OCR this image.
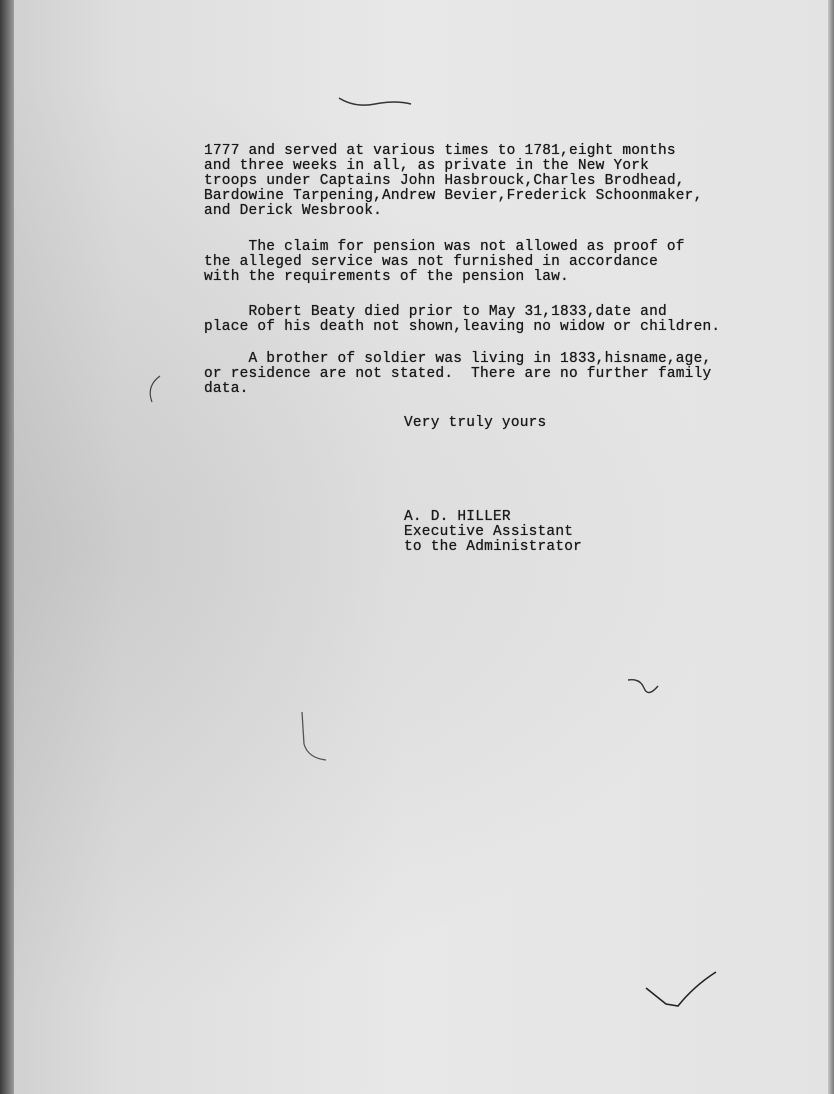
1777 and served at various times to 1781,eight months

and three weeks in all, as private in the New York

troops under Captains John Hasbrouck,Charles Brodhead,

Bardowine Tarpening,Andrew Bevier,Frederick Schoonmaker,

and Derick Wesbrook.

The claim for pension was not allowed as proof of

the alleged service was not furnished in accordance

with the requirements of the pension law.

Robert Beaty died prior to May 31,1833,date and

place of his death not shown,leaving no widow or children.

A brother of soldier was living in 1833,hisname,age,

or residence are not stated.  There are no further family

data.

Very truly yours

A. D. HILLER

Executive Assistant

to the Administrator
